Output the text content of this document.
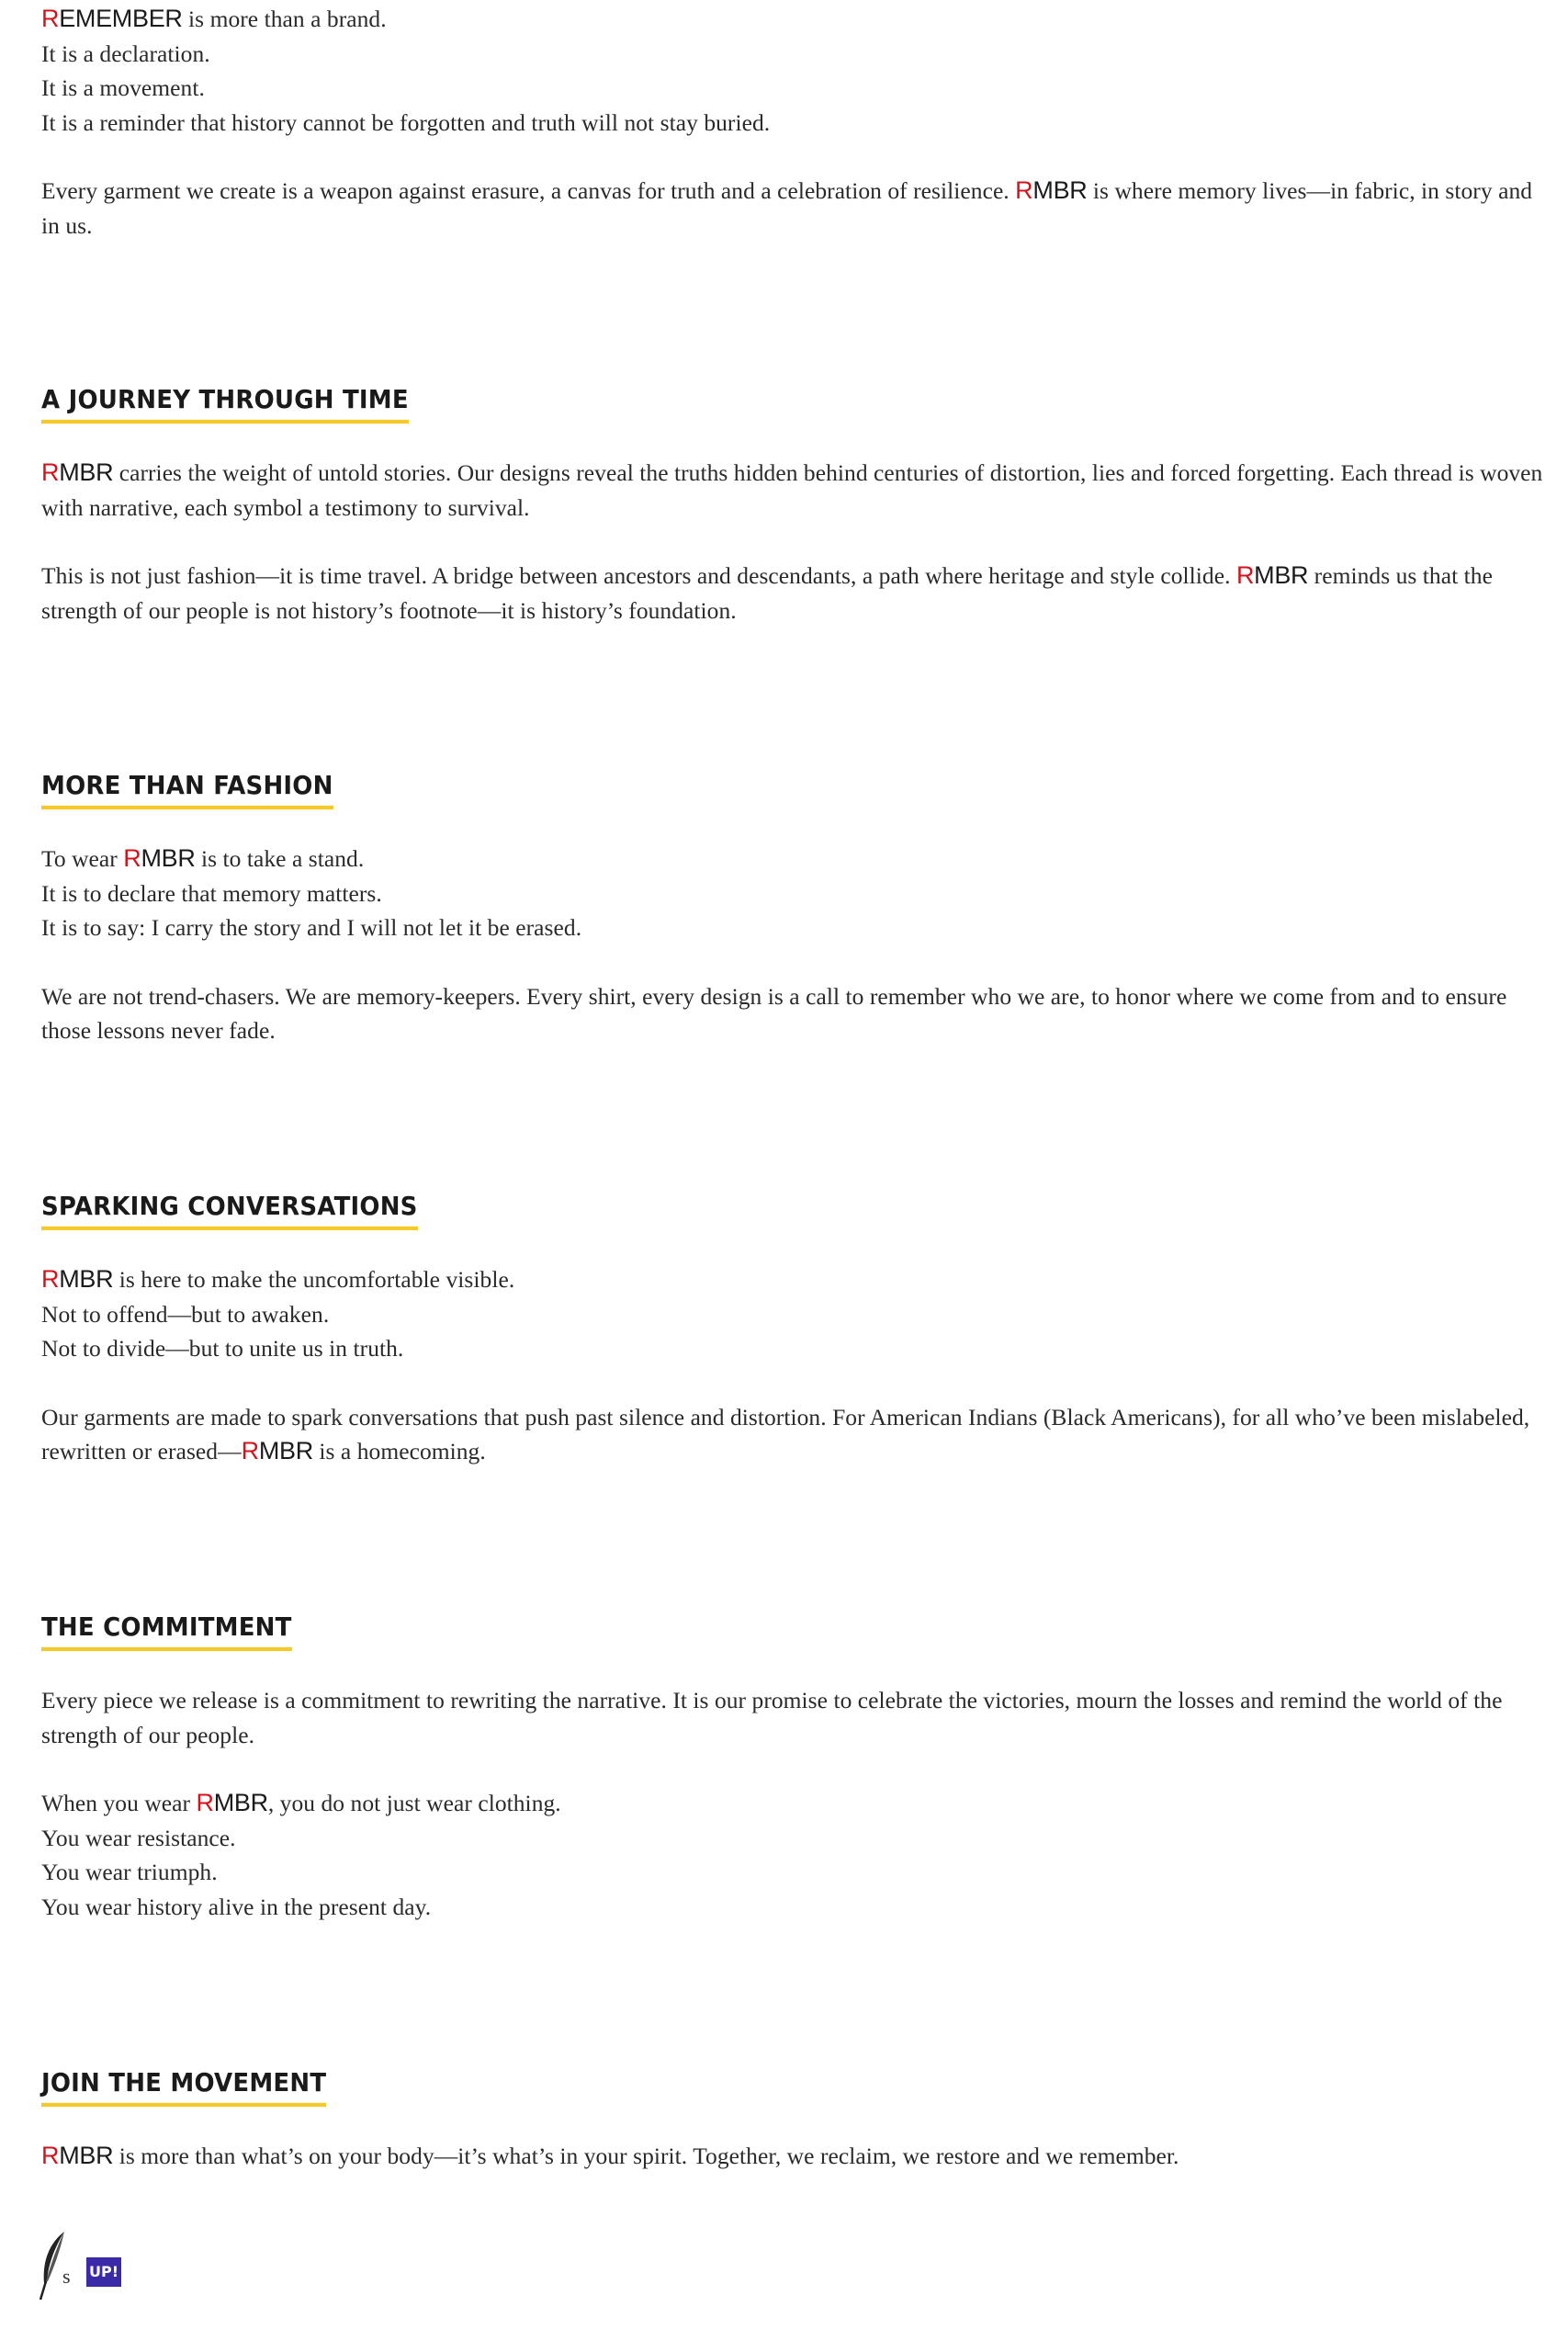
REMEMBER is more than a brand.
It is a declaration.
It is a movement.
It is a reminder that history cannot be forgotten and truth will not stay buried.

Every garment we create is a weapon against erasure, a canvas for truth and a celebration of resilience. RMBR is where memory lives—in fabric, in story and in us.

A JOURNEY THROUGH TIME

RMBR carries the weight of untold stories. Our designs reveal the truths hidden behind centuries of distortion, lies and forced forgetting. Each thread is woven with narrative, each symbol a testimony to survival.

This is not just fashion—it is time travel. A bridge between ancestors and descendants, a path where heritage and style collide. RMBR reminds us that the strength of our people is not history’s footnote—it is history’s foundation.

MORE THAN FASHION

To wear RMBR is to take a stand.
It is to declare that memory matters.
It is to say: I carry the story and I will not let it be erased.

We are not trend-chasers. We are memory-keepers. Every shirt, every design is a call to remember who we are, to honor where we come from and to ensure those lessons never fade.

SPARKING CONVERSATIONS

RMBR is here to make the uncomfortable visible.
Not to offend—but to awaken.
Not to divide—but to unite us in truth.

Our garments are made to spark conversations that push past silence and distortion. For American Indians (Black Americans), for all who’ve been mislabeled, rewritten or erased—RMBR is a homecoming.

THE COMMITMENT

Every piece we release is a commitment to rewriting the narrative. It is our promise to celebrate the victories, mourn the losses and remind the world of the strength of our people.

When you wear RMBR, you do not just wear clothing.
You wear resistance.
You wear triumph.
You wear history alive in the present day.

JOIN THE MOVEMENT

RMBR is more than what’s on your body—it’s what’s in your spirit. Together, we reclaim, we restore and we remember.

s UP!
